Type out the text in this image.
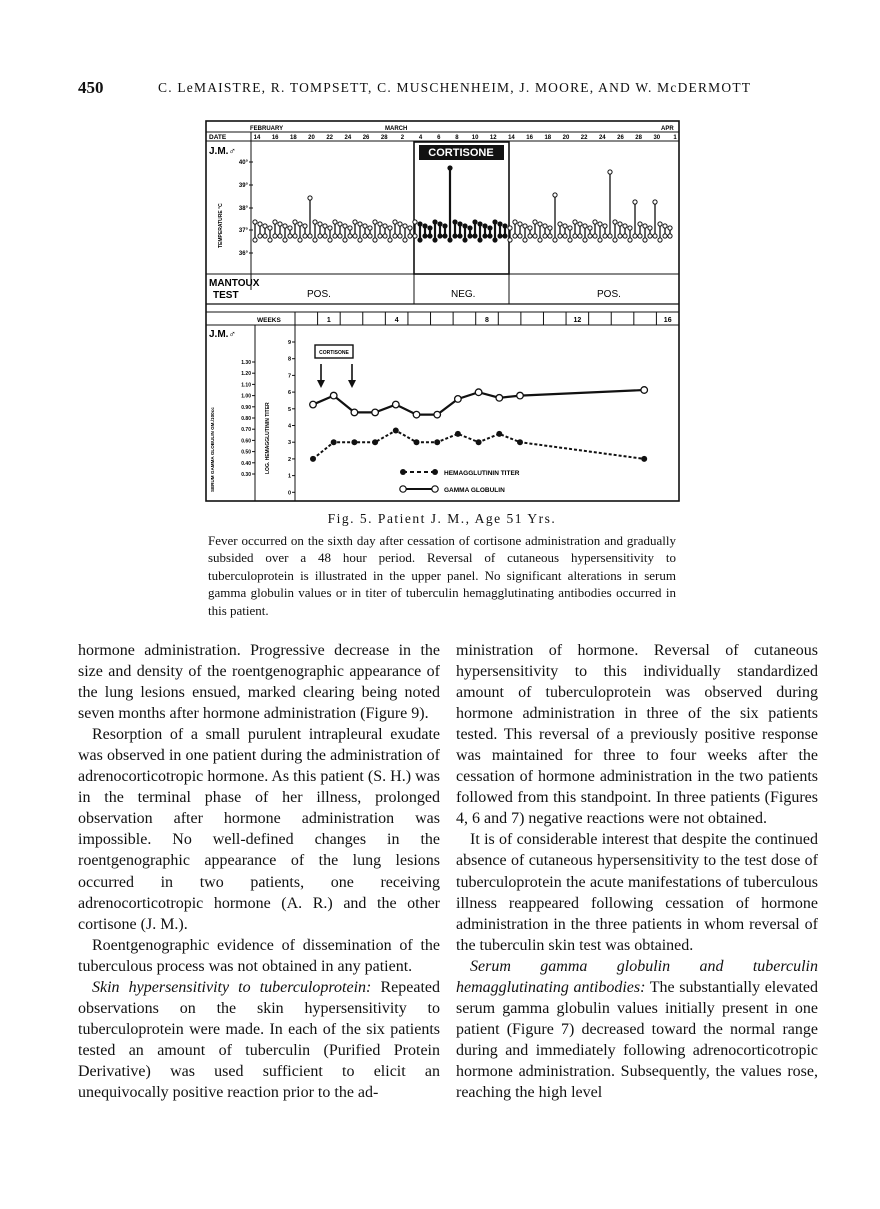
450	C. LeMAISTRE, R. TOMPSETT, C. MUSCHENHEIM, J. MOORE, AND W. McDERMOTT
FEBRUARY	MARCH	APR
DATE	14 16 18 20 22 24 26 28 2 4 6 8 10 12 14 16 18 20 22 24 26 28 30 1
J.M.♂
TEMPERATURE °C
40°
39°
38°
37°
36°
CORTISONE
MANTOUX
TEST	POS.	NEG.	POS.
WEEKS	1	4	8	12	16
J.M.♂
SERUM GAMMA GLOBULIN GM./100cc	LOG. HEMAGGLUTININ TITER
1.30
1.20
1.10
1.00
0.90
0.80
0.70
0.60
0.50
0.40
0.30
9
8
7
6
5
4
3
2
1
0
CORTISONE
HEMAGGLUTININ TITER
GAMMA GLOBULIN
Fig. 5. Patient J. M., Age 51 Yrs.
Fever occurred on the sixth day after cessation of cortisone administration and gradually subsided over a 48 hour period. Reversal of cutaneous hypersensitivity to tuberculoprotein is illustrated in the upper panel. No significant alterations in serum gamma globulin values or in titer of tuberculin hemagglutinating antibodies occurred in this patient.

hormone administration. Progressive decrease in the size and density of the roentgenographic appearance of the lung lesions ensued, marked clearing being noted seven months after hormone administration (Figure 9).

Resorption of a small purulent intrapleural exudate was observed in one patient during the administration of adrenocorticotropic hormone. As this patient (S. H.) was in the terminal phase of her illness, prolonged observation after hormone administration was impossible. No well-defined changes in the roentgenographic appearance of the lung lesions occurred in two patients, one receiving adrenocorticotropic hormone (A. R.) and the other cortisone (J. M.).

Roentgenographic evidence of dissemination of the tuberculous process was not obtained in any patient.

Skin hypersensitivity to tuberculoprotein: Repeated observations on the skin hypersensitivity to tuberculoprotein were made. In each of the six patients tested an amount of tuberculin (Purified Protein Derivative) was used sufficient to elicit an unequivocally positive reaction prior to the ad-

ministration of hormone. Reversal of cutaneous hypersensitivity to this individually standardized amount of tuberculoprotein was observed during hormone administration in three of the six patients tested. This reversal of a previously positive response was maintained for three to four weeks after the cessation of hormone administration in the two patients followed from this standpoint. In three patients (Figures 4, 6 and 7) negative reactions were not obtained.

It is of considerable interest that despite the continued absence of cutaneous hypersensitivity to the test dose of tuberculoprotein the acute manifestations of tuberculous illness reappeared following cessation of hormone administration in the three patients in whom reversal of the tuberculin skin test was obtained.

Serum gamma globulin and tuberculin hemagglutinating antibodies: The substantially elevated serum gamma globulin values initially present in one patient (Figure 7) decreased toward the normal range during and immediately following adrenocorticotropic hormone administration. Subsequently, the values rose, reaching the high level
